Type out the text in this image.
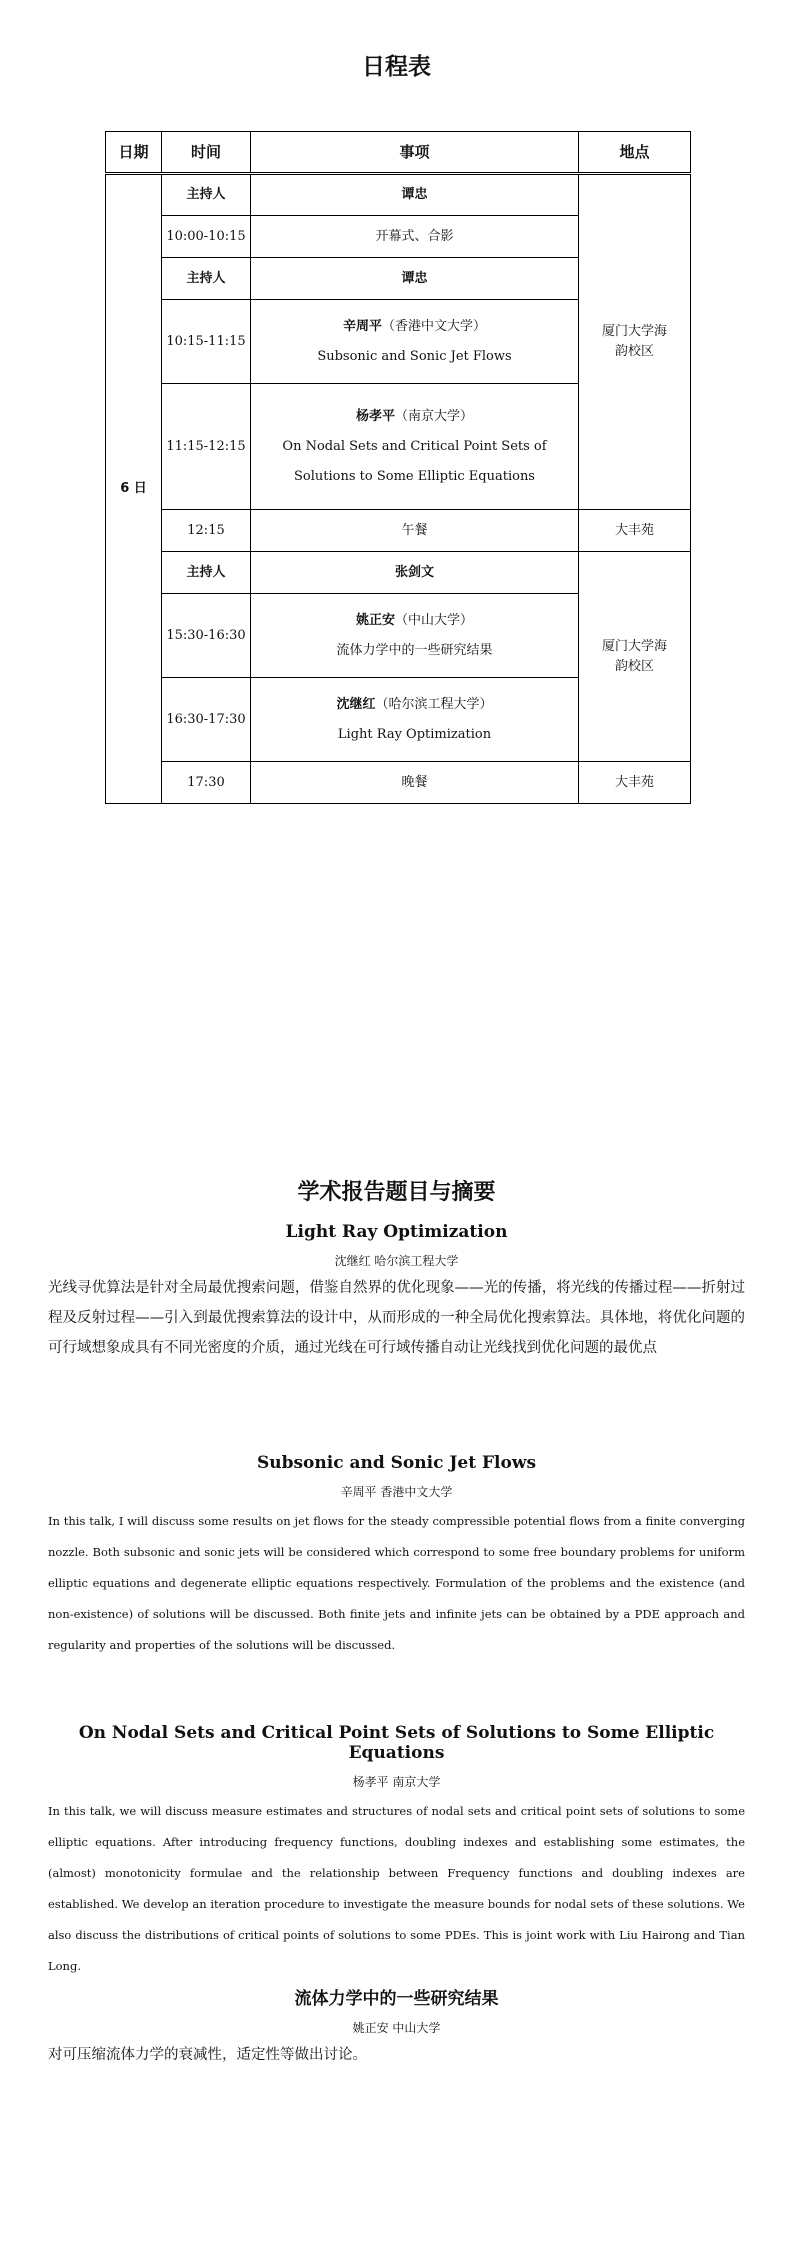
日程表
日期	时间	事项	地点
6 日	主持人	谭忠	厦门大学海韵校区
	10:00-10:15	开幕式、合影	
	主持人	谭忠	
	10:15-11:15	辛周平（香港中文大学）
Subsonic and Sonic Jet Flows	

	11:15-12:15	杨孝平（南京大学）
On Nodal Sets and Critical Point Sets of
Solutions to Some Elliptic Equations	

	12:15	午餐	大丰苑
	主持人	张剑文	厦门大学海韵校区
	15:30-16:30	姚正安（中山大学）
流体力学中的一些研究结果	

	16:30-17:30	沈继红（哈尔滨工程大学）
Light Ray Optimization	

	17:30	晚餐	大丰苑
学术报告题目与摘要
Light Ray Optimization
沈继红 哈尔滨工程大学
光线寻优算法是针对全局最优搜索问题，借鉴自然界的优化现象——光的传播，将光线的传播过程——折射过程及反射过程——引入到最优搜索算法的设计中，从而形成的一种全局优化搜索算法。具体地，将优化问题的可行域想象成具有不同光密度的介质，通过光线在可行域传播自动让光线找到优化问题的最优点
Subsonic and Sonic Jet Flows
辛周平 香港中文大学
In this talk, I will discuss some results on jet flows for the steady compressible potential flows from a finite converging nozzle. Both subsonic and sonic jets will be considered which correspond to some free boundary problems for uniform elliptic equations and degenerate elliptic equations respectively. Formulation of the problems and the existence (and non-existence) of solutions will be discussed. Both finite jets and infinite jets can be obtained by a PDE approach and regularity and properties of the solutions will be discussed.
On Nodal Sets and Critical Point Sets of Solutions to Some Elliptic Equations
杨孝平 南京大学
In this talk, we will discuss measure estimates and structures of nodal sets and critical point sets of solutions to some elliptic equations. After introducing frequency functions, doubling indexes and establishing some estimates, the (almost) monotonicity formulae and the relationship between Frequency functions and doubling indexes are established. We develop an iteration procedure to investigate the measure bounds for nodal sets of these solutions. We also discuss the distributions of critical points of solutions to some PDEs. This is joint work with Liu Hairong and Tian Long.
流体力学中的一些研究结果
姚正安 中山大学
对可压缩流体力学的衰减性，适定性等做出讨论。
